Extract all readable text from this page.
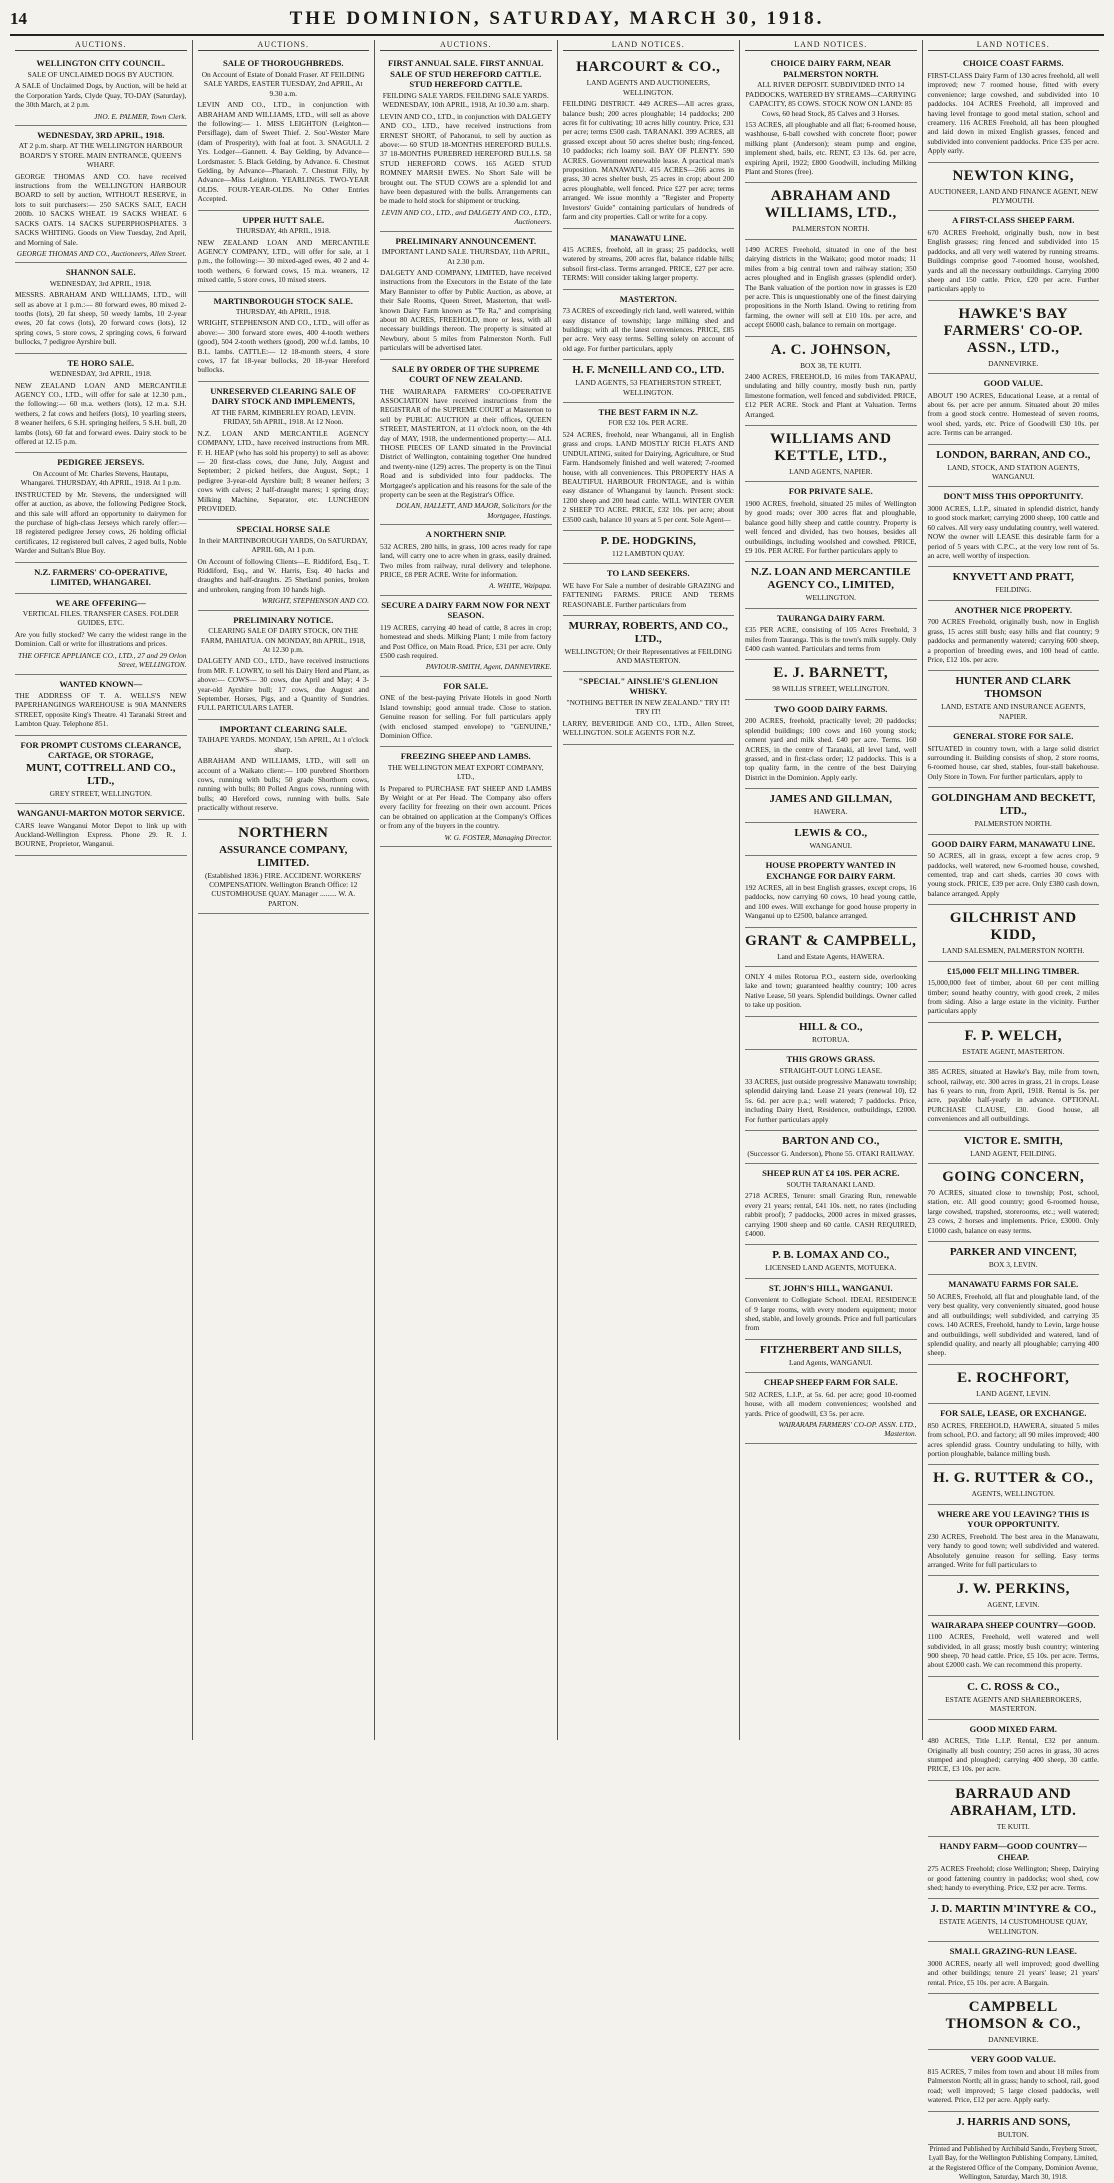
14	THE DOMINION, SATURDAY, MARCH 30, 1918.
AUCTIONS.
WELLINGTON CITY COUNCIL.
SALE OF UNCLAIMED DOGS BY AUCTION.
A SALE of Unclaimed Dogs, by Auction, will be held at the Corporation Yards, Clyde Quay, TO-DAY (Saturday), the 30th March, at 2 p.m.
JNO. E. PALMER, Town Clerk.
WEDNESDAY, 3RD APRIL, 1918.
AT 2 p.m. sharp. AT THE WELLINGTON HARBOUR BOARD'S Y STORE. MAIN ENTRANCE, QUEEN'S WHARF.
GEORGE THOMAS AND CO. have received instructions from the WELLINGTON HARBOUR BOARD to sell by auction, WITHOUT RESERVE, in lots to suit purchasers:— 250 SACKS SALT, EACH 200lb. 10 SACKS WHEAT. 19 SACKS WHEAT. 6 SACKS OATS. 14 SACKS SUPERPHOSPHATES. 3 SACKS WHITING. Goods on View Tuesday, 2nd April, and Morning of Sale.
GEORGE THOMAS AND CO., Auctioneers, Allen Street.
SHANNON SALE.
WEDNESDAY, 3rd APRIL, 1918.
MESSRS. ABRAHAM AND WILLIAMS, LTD., will sell as above at 1 p.m.:— 80 forward ewes, 80 mixed 2-tooths (lots), 20 fat sheep, 50 weedy lambs, 10 2-year ewes, 20 fat cows (lots), 20 forward cows (lots), 12 spring cows, 5 store cows, 2 springing cows, 6 forward bullocks, 7 pedigree Ayrshire bull.
TE HORO SALE.
WEDNESDAY, 3rd APRIL, 1918.
NEW ZEALAND LOAN AND MERCANTILE AGENCY CO., LTD., will offer for sale at 12.30 p.m., the following:— 60 m.a. wethers (lots), 12 m.a. S.H. wethers, 2 fat cows and heifers (lots), 10 yearling steers, 8 weaner heifers, 6 S.H. springing heifers, 5 S.H. bull, 20 lambs (lots), 60 fat and forward ewes. Dairy stock to be offered at 12.15 p.m.
PEDIGREE JERSEYS.
On Account of Mr. Charles Stevens, Hautapu, Whangarei. THURSDAY, 4th APRIL, 1918. At 1 p.m.
INSTRUCTED by Mr. Stevens, the undersigned will offer at auction, as above, the following Pedigree Stock, and this sale will afford an opportunity to dairymen for the purchase of high-class Jerseys which rarely offer:— 18 registered pedigree Jersey cows, 26 holding official certificates, 12 registered bull calves, 2 aged bulls, Noble Warder and Sultan's Blue Boy.
N.Z. FARMERS' CO-OPERATIVE, LIMITED, WHANGAREI.
WE ARE OFFERING—
VERTICAL FILES. TRANSFER CASES. FOLDER GUIDES, ETC.
Are you fully stocked? We carry the widest range in the Dominion. Call or write for illustrations and prices.
THE OFFICE APPLIANCE CO., LTD., 27 and 29 Orlon Street, WELLINGTON.
WANTED KNOWN—
THE ADDRESS OF T. A. WELLS'S NEW PAPERHANGINGS WAREHOUSE is 90A MANNERS STREET, opposite King's Theatre. 41 Taranaki Street and Lambton Quay. Telephone 851.
FOR PROMPT CUSTOMS CLEARANCE, CARTAGE, OR STORAGE,
MUNT, COTTRELL AND CO., LTD.,
GREY STREET, WELLINGTON.
WANGANUI-MARTON MOTOR SERVICE.
CARS leave Wanganui Motor Depot to link up with Auckland-Wellington Express. Phone 29. R. J. BOURNE, Proprietor, Wanganui.
AUCTIONS.
SALE OF THOROUGHBREDS.
On Account of Estate of Donald Fraser. AT FEILDING SALE YARDS, EASTER TUESDAY, 2nd APRIL, At 9.30 a.m.
LEVIN AND CO., LTD., in conjunction with ABRAHAM AND WILLIAMS, LTD., will sell as above the following:— 1. MISS LEIGHTON (Leighton—Persiflage), dam of Sweet Thief. 2. Sou'-Wester Mare (dam of Prosperity), with foal at foot. 3. SNAGULL 2 Yrs. Lodger—Gannett. 4. Bay Gelding, by Advance—Lordsmaster. 5. Black Gelding, by Advance. 6. Chestnut Gelding, by Advance—Pharaoh. 7. Chestnut Filly, by Advance—Miss Leighton. YEARLINGS. TWO-YEAR OLDS. FOUR-YEAR-OLDS. No Other Entries Accepted.
UPPER HUTT SALE.
THURSDAY, 4th APRIL, 1918.
NEW ZEALAND LOAN AND MERCANTILE AGENCY COMPANY, LTD., will offer for sale, at 1 p.m., the following:— 30 mixed-aged ewes, 40 2 and 4-tooth wethers, 6 forward cows, 15 m.a. weaners, 12 mixed cattle, 5 store cows, 10 mixed steers.
MARTINBOROUGH STOCK SALE.
THURSDAY, 4th APRIL, 1918.
WRIGHT, STEPHENSON AND CO., LTD., will offer as above:— 300 forward store ewes, 400 4-tooth wethers (good), 504 2-tooth wethers (good), 200 w.f.d. lambs, 10 B.L. lambs. CATTLE:— 12 18-month steers, 4 store cows, 17 fat 18-year bullocks, 20 18-year Hereford bullocks.
UNRESERVED CLEARING SALE OF DAIRY STOCK AND IMPLEMENTS,
AT THE FARM, KIMBERLEY ROAD, LEVIN. FRIDAY, 5th APRIL, 1918. At 12 Noon.
N.Z. LOAN AND MERCANTILE AGENCY COMPANY, LTD., have received instructions from MR. F. H. HEAP (who has sold his property) to sell as above:— 20 first-class cows, due June, July, August and September; 2 picked heifers, due August, Sept.; 1 pedigree 3-year-old Ayrshire bull; 8 weaner heifers; 3 cows with calves; 2 half-draught mares; 1 spring dray; Milking Machine, Separator, etc. LUNCHEON PROVIDED.
SPECIAL HORSE SALE
In their MARTINBOROUGH YARDS, On SATURDAY, APRIL 6th, At 1 p.m.
On Account of following Clients—E. Riddiford, Esq., T. Riddiford, Esq., and W. Harris, Esq. 40 hacks and draughts and half-draughts. 25 Shetland ponies, broken and unbroken, ranging from 10 hands high.
WRIGHT, STEPHENSON AND CO.
PRELIMINARY NOTICE.
CLEARING SALE OF DAIRY STOCK, ON THE FARM, PAHIATUA. ON MONDAY, 8th APRIL, 1918, At 12.30 p.m.
DALGETY AND CO., LTD., have received instructions from MR. F. LOWRY, to sell his Dairy Herd and Plant, as above:— COWS— 30 cows, due April and May; 4 3-year-old Ayrshire bull; 17 cows, due August and September. Horses, Pigs, and a Quantity of Sundries. FULL PARTICULARS LATER.
IMPORTANT CLEARING SALE.
TAIHAPE YARDS. MONDAY, 15th APRIL, At 1 o'clock sharp.
ABRAHAM AND WILLIAMS, LTD., will sell on account of a Waikato client:— 100 purebred Shorthorn cows, running with bulls; 50 grade Shorthorn cows, running with bulls; 80 Polled Angus cows, running with bulls; 40 Hereford cows, running with bulls. Sale practically without reserve.
NORTHERN
ASSURANCE COMPANY, LIMITED.
(Established 1836.) FIRE. ACCIDENT. WORKERS' COMPENSATION. Wellington Branch Office: 12 CUSTOMHOUSE QUAY. Manager ......... W. A. PARTON.
AUCTIONS.
FIRST ANNUAL SALE. FIRST ANNUAL SALE OF STUD HEREFORD CATTLE. STUD HEREFORD CATTLE.
FEILDING SALE YARDS. FEILDING SALE YARDS. WEDNESDAY, 10th APRIL, 1918, At 10.30 a.m. sharp.
LEVIN AND CO., LTD., in conjunction with DALGETY AND CO., LTD., have received instructions from ERNEST SHORT, of Pahoranui, to sell by auction as above:— 60 STUD 18-MONTHS HEREFORD BULLS. 37 18-MONTHS PUREBRED HEREFORD BULLS. 58 STUD HEREFORD COWS. 165 AGED STUD ROMNEY MARSH EWES. No Short Sale will be brought out. The STUD COWS are a splendid lot and have been depastured with the bulls. Arrangements can be made to hold stock for shipment or trucking.
LEVIN AND CO., LTD., and DALGETY AND CO., LTD., Auctioneers.
PRELIMINARY ANNOUNCEMENT.
IMPORTANT LAND SALE. THURSDAY, 11th APRIL, At 2.30 p.m.
DALGETY AND COMPANY, LIMITED, have received instructions from the Executors in the Estate of the late Mary Bannister to offer by Public Auction, as above, at their Sale Rooms, Queen Street, Masterton, that well-known Dairy Farm known as "Te Ra," and comprising about 80 ACRES, FREEHOLD, more or less, with all necessary buildings thereon. The property is situated at Newbury, about 5 miles from Palmerston North. Full particulars will be advertised later.
SALE BY ORDER OF THE SUPREME COURT OF NEW ZEALAND.
THE WAIRARAPA FARMERS' CO-OPERATIVE ASSOCIATION have received instructions from the REGISTRAR of the SUPREME COURT at Masterton to sell by PUBLIC AUCTION at their offices, QUEEN STREET, MASTERTON, at 11 o'clock noon, on the 4th day of MAY, 1918, the undermentioned property:— ALL THOSE PIECES OF LAND situated in the Provincial District of Wellington, containing together One hundred and twenty-nine (129) acres. The property is on the Tinui Road and is subdivided into four paddocks. The Mortgagee's application and his reasons for the sale of the property can be seen at the Registrar's Office.
DOLAN, HALLETT, AND MAJOR, Solicitors for the Mortgagee, Hastings.
A NORTHERN SNIP.
532 ACRES, 280 hills, in grass, 100 acres ready for rape land, will carry one to acre when in grass, easily drained. Two miles from railway, rural delivery and telephone. PRICE, £8 PER ACRE. Write for information.
A. WHITE, Waipapa.
SECURE A DAIRY FARM NOW FOR NEXT SEASON.
119 ACRES, carrying 40 head of cattle, 8 acres in crop; homestead and sheds. Milking Plant; 1 mile from factory and Post Office, on Main Road. Price, £31 per acre. Only £500 cash required.
PAVIOUR-SMITH, Agent, DANNEVIRKE.
FOR SALE.
ONE of the best-paying Private Hotels in good North Island township; good annual trade. Close to station. Genuine reason for selling. For full particulars apply (with enclosed stamped envelope) to "GENUINE," Dominion Office.
FREEZING SHEEP AND LAMBS.
THE WELLINGTON MEAT EXPORT COMPANY, LTD.,
Is Prepared to PURCHASE FAT SHEEP AND LAMBS By Weight or at Per Head. The Company also offers every facility for freezing on their own account. Prices can be obtained on application at the Company's Offices or from any of the buyers in the country.
W. G. FOSTER, Managing Director.
LAND NOTICES.
HARCOURT & CO.,
LAND AGENTS AND AUCTIONEERS, WELLINGTON.
FEILDING DISTRICT. 449 ACRES—All acres grass, balance bush; 200 acres ploughable; 14 paddocks; 200 acres fit for cultivating; 10 acres hilly country. Price, £31 per acre; terms £500 cash. TARANAKI. 399 ACRES, all grassed except about 50 acres shelter bush; ring-fenced, 10 paddocks; rich loamy soil. BAY OF PLENTY. 590 ACRES. Government renewable lease. A practical man's proposition. MANAWATU. 415 ACRES—266 acres in grass, 30 acres shelter bush, 25 acres in crop; about 200 acres ploughable, well fenced. Price £27 per acre; terms arranged. We issue monthly a "Register and Property Investors' Guide" containing particulars of hundreds of farm and city properties. Call or write for a copy.
MANAWATU LINE.
415 ACRES, freehold, all in grass; 25 paddocks, well watered by streams, 200 acres flat, balance ridable hills; subsoil first-class. Terms arranged. PRICE, £27 per acre. TERMS: Will consider taking larger property.
MASTERTON.
73 ACRES of exceedingly rich land, well watered, within easy distance of township; large milking shed and buildings; with all the latest conveniences. PRICE, £85 per acre. Very easy terms. Selling solely on account of old age. For further particulars, apply
H. F. McNEILL AND CO., LTD.
LAND AGENTS, 53 FEATHERSTON STREET, WELLINGTON.
THE BEST FARM IN N.Z.
FOR £32 10s. PER ACRE.
524 ACRES, freehold, near Whanganui, all in English grass and crops. LAND MOSTLY RICH FLATS AND UNDULATING, suited for Dairying, Agriculture, or Stud Farm. Handsomely finished and well watered; 7-roomed house, with all conveniences. This PROPERTY HAS A BEAUTIFUL HARBOUR FRONTAGE, and is within easy distance of Whanganui by launch. Present stock: 1200 sheep and 200 head cattle. WILL WINTER OVER 2 SHEEP TO ACRE. PRICE, £32 10s. per acre; about £3500 cash, balance 10 years at 5 per cent. Sole Agent—
P. DE. HODGKINS,
112 LAMBTON QUAY.
TO LAND SEEKERS.
WE have For Sale a number of desirable GRAZING and FATTENING FARMS. PRICE AND TERMS REASONABLE. Further particulars from
MURRAY, ROBERTS, AND CO., LTD.,
WELLINGTON; Or their Representatives at FEILDING AND MASTERTON.
"SPECIAL" AINSLIE'S GLENLION WHISKY.
"NOTHING BETTER IN NEW ZEALAND." TRY IT! TRY IT!
LARRY, BEVERIDGE AND CO., LTD., Allen Street, WELLINGTON. SOLE AGENTS FOR N.Z.
LAND NOTICES.
CHOICE DAIRY FARM, NEAR PALMERSTON NORTH.
ALL RIVER DEPOSIT. SUBDIVIDED INTO 14 PADDOCKS, WATERED BY STREAMS—CARRYING CAPACITY, 85 COWS. STOCK NOW ON LAND: 85 Cows, 60 head Stock, 85 Calves and 3 Horses.
153 ACRES, all ploughable and all flat; 6-roomed house, washhouse, 6-ball cowshed with concrete floor; power milking plant (Anderson); steam pump and engine, implement shed, bails, etc. RENT, £3 13s. 6d. per acre, expiring April, 1922; £800 Goodwill, including Milking Plant and Stores (free).
ABRAHAM AND WILLIAMS, LTD.,
PALMERSTON NORTH.
1490 ACRES Freehold, situated in one of the best dairying districts in the Waikato; good motor roads; 11 miles from a big central town and railway station; 350 acres ploughed and in English grasses (splendid order). The Bank valuation of the portion now in grasses is £20 per acre. This is unquestionably one of the finest dairying propositions in the North Island. Owing to retiring from farming, the owner will sell at £10 10s. per acre, and accept £6000 cash, balance to remain on mortgage.
A. C. JOHNSON,
BOX 38, TE KUITI.
2400 ACRES, FREEHOLD, 16 miles from TAKAPAU, undulating and hilly country, mostly bush run, partly limestone formation, well fenced and subdivided. PRICE, £12 PER ACRE. Stock and Plant at Valuation. Terms Arranged.
WILLIAMS AND KETTLE, LTD.,
LAND AGENTS, NAPIER.
FOR PRIVATE SALE.
1900 ACRES, freehold, situated 25 miles of Wellington by good roads; over 300 acres flat and ploughable, balance good hilly sheep and cattle country. Property is well fenced and divided, has two houses, besides all outbuildings, including woolshed and cowshed. PRICE, £9 10s. PER ACRE. For further particulars apply to
N.Z. LOAN AND MERCANTILE AGENCY CO., LIMITED,
WELLINGTON.
TAURANGA DAIRY FARM.
£35 PER ACRE, consisting of 105 Acres Freehold, 3 miles from Tauranga. This is the town's milk supply. Only £400 cash wanted. Particulars and terms from
E. J. BARNETT,
98 WILLIS STREET, WELLINGTON.
TWO GOOD DAIRY FARMS.
200 ACRES, freehold, practically level; 20 paddocks; splendid buildings; 100 cows and 160 young stock; cement yard and milk shed. £40 per acre. Terms. 160 ACRES, in the centre of Taranaki, all level land, well grassed, and in first-class order; 12 paddocks. This is a top quality farm, in the centre of the best Dairying District in the Dominion. Apply early.
JAMES AND GILLMAN,
HAWERA.
LEWIS & CO.,
WANGANUI.
HOUSE PROPERTY WANTED IN EXCHANGE FOR DAIRY FARM.
192 ACRES, all in best English grasses, except crops, 16 paddocks, now carrying 60 cows, 10 head young cattle, and 100 ewes. Will exchange for good house property in Wanganui up to £2500, balance arranged.
GRANT & CAMPBELL,
Land and Estate Agents, HAWERA.
ONLY 4 miles Rotorua P.O., eastern side, overlooking lake and town; guaranteed healthy country; 100 acres Native Lease, 50 years. Splendid buildings. Owner called to take up position.
HILL & CO.,
ROTORUA.
THIS GROWS GRASS.
STRAIGHT-OUT LONG LEASE.
33 ACRES, just outside progressive Manawatu township; splendid dairying land. Lease 21 years (renewal 10), £2 5s. 6d. per acre p.a.; well watered; 7 paddocks. Price, including Dairy Herd, Residence, outbuildings, £2000. For further particulars apply
BARTON AND CO.,
(Successor G. Anderson), Phone 55. OTAKI RAILWAY.
SHEEP RUN AT £4 10S. PER ACRE.
SOUTH TARANAKI LAND.
2718 ACRES, Tenure: small Grazing Run, renewable every 21 years; rental, £41 10s. nett, no rates (including rabbit proof); 7 paddocks, 2000 acres in mixed grasses, carrying 1900 sheep and 60 cattle. CASH REQUIRED, £4000.
P. B. LOMAX AND CO.,
LICENSED LAND AGENTS, MOTUEKA.
ST. JOHN'S HILL, WANGANUI.
Convenient to Collegiate School. IDEAL RESIDENCE of 9 large rooms, with every modern equipment; motor shed, stable, and lovely grounds. Price and full particulars from
FITZHERBERT AND SILLS,
Land Agents, WANGANUI.
CHEAP SHEEP FARM FOR SALE.
502 ACRES, L.I.P., at 5s. 6d. per acre; good 10-roomed house, with all modern conveniences; woolshed and yards. Price of goodwill, £3 5s. per acre.
WAIRARAPA FARMERS' CO-OP. ASSN. LTD., Masterton.
LAND NOTICES.
CHOICE COAST FARMS.
FIRST-CLASS Dairy Farm of 130 acres freehold, all well improved; new 7 roomed house, fitted with every convenience; large cowshed, and subdivided into 10 paddocks. 104 ACRES Freehold, all improved and having level frontage to good metal station, school and creamery. 116 ACRES Freehold, all has been ploughed and laid down in mixed English grasses, fenced and subdivided into convenient paddocks. Price £35 per acre. Apply early.
NEWTON KING,
AUCTIONEER, LAND AND FINANCE AGENT, NEW PLYMOUTH.
A FIRST-CLASS SHEEP FARM.
670 ACRES Freehold, originally bush, now in best English grasses; ring fenced and subdivided into 15 paddocks, and all very well watered by running streams. Buildings comprise good 7-roomed house, woolshed, yards and all the necessary outbuildings. Carrying 2000 sheep and 150 cattle. Price, £20 per acre. Further particulars apply to
HAWKE'S BAY FARMERS' CO-OP. ASSN., LTD.,
DANNEVIRKE.
GOOD VALUE.
ABOUT 190 ACRES, Educational Lease, at a rental of about 6s. per acre per annum. Situated about 20 miles from a good stock centre. Homestead of seven rooms, wool shed, yards, etc. Price of Goodwill £30 10s. per acre. Terms can be arranged.
LONDON, BARRAN, AND CO.,
LAND, STOCK, AND STATION AGENTS, WANGANUI.
DON'T MISS THIS OPPORTUNITY.
3000 ACRES, L.I.P., situated in splendid district, handy to good stock market; carrying 2000 sheep, 100 cattle and 60 calves. All very easy undulating country, well watered. NOW the owner will LEASE this desirable farm for a period of 5 years with C.P.C., at the very low rent of 5s. an acre, well worthy of inspection.
KNYVETT AND PRATT,
FEILDING.
ANOTHER NICE PROPERTY.
700 ACRES Freehold, originally bush, now in English grass, 15 acres still bush; easy hills and flat country; 9 paddocks and permanently watered; carrying 600 sheep, a proportion of breeding ewes, and 100 head of cattle. Price, £12 10s. per acre.
HUNTER AND CLARK THOMSON
LAND, ESTATE AND INSURANCE AGENTS, NAPIER.
GENERAL STORE FOR SALE.
SITUATED in country town, with a large solid district surrounding it. Building consists of shop, 2 store rooms, 6-roomed house, car shed, stables, four-stall bakehouse. Only Store in Town. For further particulars, apply to
GOLDINGHAM AND BECKETT, LTD.,
PALMERSTON NORTH.
GOOD DAIRY FARM, MANAWATU LINE.
50 ACRES, all in grass, except a few acres crop, 9 paddocks, well watered, new 6-roomed house, cowshed, cemented, trap and cart sheds, carries 30 cows with young stock. PRICE, £39 per acre. Only £380 cash down, balance arranged. Apply
GILCHRIST AND KIDD,
LAND SALESMEN, PALMERSTON NORTH.
£15,000 FELT MILLING TIMBER.
15,000,000 feet of timber, about 60 per cent milling timber; sound heathy country, with good creek, 2 miles from siding. Also a large estate in the vicinity. Further particulars apply
F. P. WELCH,
ESTATE AGENT, MASTERTON.
385 ACRES, situated at Hawke's Bay, mile from town, school, railway, etc. 300 acres in grass, 21 in crops. Lease has 6 years to run, from April, 1918. Rental is 5s. per acre, payable half-yearly in advance. OPTIONAL PURCHASE CLAUSE, £30. Good house, all conveniences and all outbuildings.
VICTOR E. SMITH,
LAND AGENT, FEILDING.
GOING CONCERN,
70 ACRES, situated close to township; Post, school, station, etc. All good country; good 6-roomed house, large cowshed, trapshed, storerooms, etc.; well watered; 23 cows, 2 horses and implements. Price, £3000. Only £1000 cash, balance on easy terms.
PARKER AND VINCENT,
BOX 3, LEVIN.
MANAWATU FARMS FOR SALE.
50 ACRES, Freehold, all flat and ploughable land, of the very best quality, very conveniently situated, good house and all outbuildings; well subdivided, and carrying 35 cows. 140 ACRES, Freehold, handy to Levin, large house and outbuildings, well subdivided and watered, land of splendid quality, and nearly all ploughable; carrying 400 sheep.
E. ROCHFORT,
LAND AGENT, LEVIN.
FOR SALE, LEASE, OR EXCHANGE.
850 ACRES, FREEHOLD, HAWERA, situated 5 miles from school, P.O. and factory; all 90 miles improved; 400 acres splendid grass. Country undulating to hilly, with portion ploughable, balance milling bush.
H. G. RUTTER & CO.,
AGENTS, WELLINGTON.
WHERE ARE YOU LEAVING? THIS IS YOUR OPPORTUNITY.
230 ACRES, Freehold. The best area in the Manawatu, very handy to good town; well subdivided and watered. Absolutely genuine reason for selling. Easy terms arranged. Write for full particulars to
J. W. PERKINS,
AGENT, LEVIN.
WAIRARAPA SHEEP COUNTRY—GOOD.
1100 ACRES, Freehold, well watered and well subdivided, in all grass; mostly bush country; wintering 900 sheep, 70 head cattle. Price, £5 10s. per acre. Terms, about £2000 cash. We can recommend this property.
C. C. ROSS & CO.,
ESTATE AGENTS AND SHAREBROKERS, MASTERTON.
GOOD MIXED FARM.
480 ACRES, Title L.I.P. Rental, £32 per annum. Originally all bush country; 250 acres in grass, 30 acres stumped and ploughed; carrying 400 sheep, 30 cattle. PRICE, £3 10s. per acre.
BARRAUD AND ABRAHAM, LTD.
TE KUITI.
HANDY FARM—GOOD COUNTRY—CHEAP.
275 ACRES Freehold; close Wellington; Sheep, Dairying or good fattening country in paddocks; wool shed, cow shed; handy to everything. Price, £32 per acre. Terms.
J. D. MARTIN M'INTYRE & CO.,
ESTATE AGENTS, 14 CUSTOMHOUSE QUAY, WELLINGTON.
SMALL GRAZING-RUN LEASE.
3000 ACRES, nearly all well improved; good dwelling and other buildings; tenure 21 years' lease; 21 years' rental. Price, £5 10s. per acre. A Bargain.
CAMPBELL THOMSON & CO.,
DANNEVIRKE.
VERY GOOD VALUE.
815 ACRES, 7 miles from town and about 18 miles from Palmerston North; all in grass; handy to school, rail, good road; well improved; 5 large closed paddocks, well watered. Price, £12 per acre. Apply early.
J. HARRIS AND SONS,
BULTON.
Printed and Published by Archibald Sando, Freyberg Street, Lyall Bay, for the Wellington Publishing Company, Limited, at the Registered Office of the Company, Dominion Avenue, Wellington, Saturday, March 30, 1918.
